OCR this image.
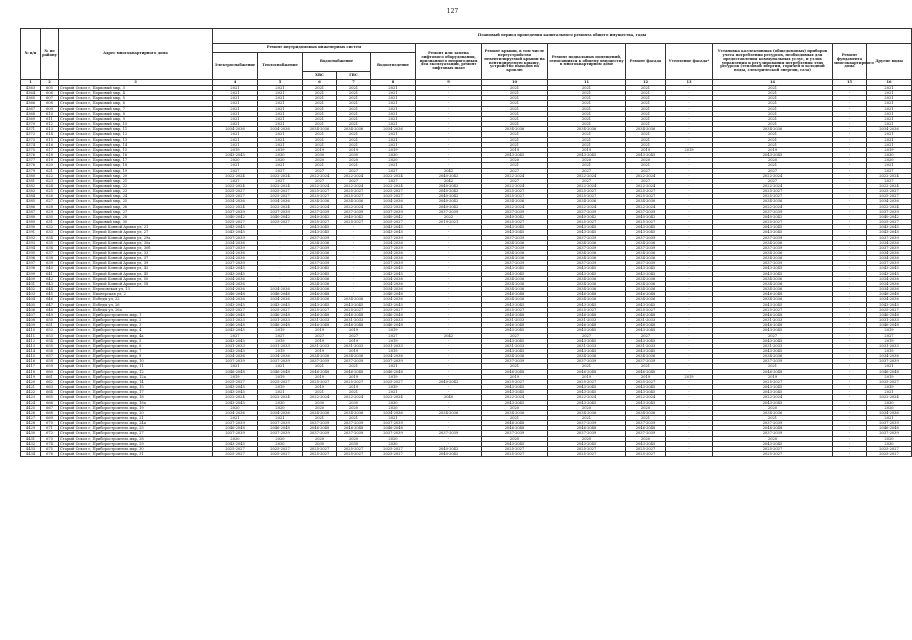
127
№ п/п	№ по району	Адрес многоквартирного дома	Плановый период проведения капитального ремонта общего имущества, годы												
			Ремонт внутридомовых инженерных систем					Ремонт или замена лифтового оборудования, признанного непригодным для эксплуатации, ремонт лифтовых шахт	Ремонт крыши, в том числе переустройство невентилируемой крыши на вентилируемую крышу, устройство выходов на кровлю	Ремонт подвальных помещений, относящихся к общему имуществу в многоквартирном доме	Ремонт фасада	Утепление фасада*	Установка коллективных (общедомовых) приборов учета потребления ресурсов, необходимых для предоставления коммунальных услуг, и узлов управления и регулирования потребления этих ресурсов (тепловой энергии, горячей и холодной воды, электрической энергии, газа)	Ремонт фундамента многоквартирного дома	Другие виды
			Электроснабжение	Теплоснабжение	Водоснабжение		Водоотведение								
					ХВС	ГВС									
1	2	3	4	5	6	7	8	9	10	11	12	13	14	15	16
4363	605	Старый Оскол г, Парковый мкр, 3	2021	2021	2021	2021	2021	-	2021	2021	2021	-	2021	-	2021
4364	606	Старый Оскол г, Парковый мкр, 4	2021	2021	2021	2021	2021	-	2021	2021	2021	-	2021	-	2021
4365	607	Старый Оскол г, Парковый мкр, 5	2021	2021	2021	2021	2021	-	2021	2021	2021	-	2021	-	2021
4366	608	Старый Оскол г, Парковый мкр, 6	2021	2021	2021	2021	2021	-	2021	2021	2021	-	2021	-	2021
4367	609	Старый Оскол г, Парковый мкр, 7	2021	2021	2021	2021	2021	-	2021	2021	2021	-	2021	-	2021
4368	610	Старый Оскол г, Парковый мкр, 8	2021	2021	2021	2021	2021	-	2021	2021	2021	-	2021	-	2021
4369	611	Старый Оскол г, Парковый мкр, 9	2021	2021	2021	2021	2021	-	2021	2021	2021	-	2021	-	2021
4370	612	Старый Оскол г, Парковый мкр, 10	2021	2021	2021	2021	2021	-	2021	2021	2021	-	2021	-	2021
4371	613	Старый Оскол г, Парковый мкр, 11	2034-2036	2034-2036	2034-2036	2034-2036	2034-2036	-	2034-2036	2034-2036	2034-2036	-	2034-2036	-	2034-2036
4372	614	Старый Оскол г, Парковый мкр, 12	2021	2021	2021	2021	2021	-	2021	2021	2021	-	2021	-	2021
4373	615	Старый Оскол г, Парковый мкр, 13	2021	2021	2021	2021	2021	-	2021	2021	2021	-	2021	-	2021
4374	616	Старый Оскол г, Парковый мкр, 14	2021	2021	2021	2021	2021	-	2021	2021	2021	-	2021	-	2021
4375	617	Старый Оскол г, Парковый мкр, 15	2019	2019	2019	2019	2019	-	2019	2019	2019	2019	2019	-	2019
4376	618	Старый Оскол г, Парковый мкр, 16	2043-2045	2030	2030	2030	2030	-	2043-2045	2043-2045	2043-2045	-	2043-2045	-	2030
4377	619	Старый Оскол г, Парковый мкр, 17	2020	2020	2020	2020	2020	-	2020	2020	2020	-	2020	-	2020
4378	620	Старый Оскол г, Парковый мкр, 18	2021	2021	2021	2021	2021	-	2021	2021	2021	-	2021	-	2021
4379	621	Старый Оскол г, Парковый мкр, 19	2027	2027	2027	2027	2027	2042	2027	2027	2027	-	2027	-	2027
4380	622	Старый Оскол г, Парковый мкр, 20	2022-2024	2022-2024	2022-2024	2022-2024	2022-2024	2040-2042	2022-2024	2022-2024	2022-2024	-	2022-2024	-	2022-2024
4381	623	Старый Оскол г, Парковый мкр, 21	2027	2027	2027	2027	2027	2042	2027	2027	2027	-	2027	-	2027
4382	624	Старый Оскол г, Парковый мкр, 22	2022-2024	2022-2024	2022-2024	2022-2024	2022-2024	2040-2042	2022-2024	2022-2024	2022-2024	-	2022-2024	-	2022-2024
4383	625	Старый Оскол г, Парковый мкр, 23	2025-2027	2025-2027	2025-2027	2025-2027	2025-2027	2040-2042	2025-2027	2025-2027	2025-2027	-	2025-2027	-	2025-2027
4384	626	Старый Оскол г, Парковый мкр, 24	2025-2027	2025-2027	2025-2027	2025-2027	2025-2027	2040-2042	2025-2027	2025-2027	2025-2027	-	2025-2027	-	2025-2027
4385	627	Старый Оскол г, Парковый мкр, 25	2034-2036	2034-2036	2034-2036	2034-2036	2034-2036	2040-2042	2034-2036	2034-2036	2034-2036	-	2034-2036	-	2034-2036
4386	628	Старый Оскол г, Парковый мкр, 26	2022-2024	2022-2024	2022-2024	2022-2024	2022-2024	2040-2042	2022-2024	2022-2024	2022-2024	-	2022-2024	-	2022-2024
4387	629	Старый Оскол г, Парковый мкр, 27	2037-2039	2037-2039	2037-2039	2037-2039	2037-2039	2037-2039	2037-2039	2037-2039	2037-2039	-	2037-2039	-	2037-2039
4388	630	Старый Оскол г, Парковый мкр, 28	2040-2042	2040-2042	2040-2042	2040-2042	2040-2042	2022	2040-2042	2040-2042	2040-2042	-	2040-2042	-	2040-2042
4389	631	Старый Оскол г, Парковый мкр, 30	2025-2027	2025-2027	2025-2027	2025-2027	2025-2027	2019-2021	2025-2027	2025-2027	2025-2027	-	2025-2027	-	2025-2027
4390	632	Старый Оскол г, Первой Конной Армии ул, 21	2043-2045	-	2043-2045	-	2043-2045	-	2043-2045	2043-2045	2043-2045	-	2043-2045	-	2043-2045
4391	633	Старый Оскол г, Первой Конной Армии ул, 27	2043-2045	-	2043-2045	-	2043-2045	-	2043-2045	2043-2045	2043-2045	-	2043-2045	-	2043-2045
4392	634	Старый Оскол г, Первой Конной Армии ул, 29а	2037-2039	-	2037-2039	-	2037-2039	-	2037-2039	2037-2039	2037-2039	-	2037-2039	-	2037-2039
4393	635	Старый Оскол г, Первой Конной Армии ул, 30а	2034-2036	-	2034-2036	-	2034-2036	-	2034-2036	2034-2036	2034-2036	-	2034-2036	-	2034-2036
4394	636	Старый Оскол г, Первой Конной Армии ул, 30б	2037-2039	-	2037-2039	-	2037-2039	-	2037-2039	2037-2039	2037-2039	-	2037-2039	-	2037-2039
4395	637	Старый Оскол г, Первой Конной Армии ул, 33	2034-2036	-	2034-2036	-	2034-2036	-	2034-2036	2034-2036	2034-2036	-	2034-2036	-	2034-2036
4396	638	Старый Оскол г, Первой Конной Армии ул, 37	2034-2036	-	2034-2036	-	2034-2036	-	2034-2036	2034-2036	2034-2036	-	2034-2036	-	2034-2036
4397	639	Старый Оскол г, Первой Конной Армии ул, 39	2037-2039	-	2037-2039	-	2037-2039	-	2037-2039	2037-2039	2037-2039	-	2037-2039	-	2037-2039
4398	640	Старый Оскол г, Первой Конной Армии ул, 43	2043-2045	-	2043-2045	-	2043-2045	-	2043-2045	2043-2045	2043-2045	-	2043-2045	-	2043-2045
4399	641	Старый Оскол г, Первой Конной Армии ул, 45	2043-2045	-	2043-2045	-	2043-2045	-	2043-2045	2043-2045	2043-2045	-	2043-2045	-	2043-2045
4400	642	Старый Оскол г, Первой Конной Армии ул, 50	2034-2036	-	2034-2036	-	2034-2036	-	2034-2036	2034-2036	2034-2036	-	2034-2036	-	2034-2036
4401	643	Старый Оскол г, Первой Конной Армии ул, 58	2034-2036	-	2034-2036	-	2034-2036	-	2034-2036	2034-2036	2034-2036	-	2034-2036	-	2034-2036
4402	644	Старый Оскол г, Перековская ул, 13	2034-2036	2034-2036	2034-2036	-	2034-2036	-	2034-2036	2034-2036	2034-2036	-	2034-2036	-	2034-2036
4403	645	Старый Оскол г, Пионерская ул, 2	2046-2048	2046-2048	2046-2048	-	2046-2048	-	2046-2048	2046-2048	2046-2048	-	2046-2048	-	2046-2048
4404	646	Старый Оскол г, Победы ул, 22	2034-2036	2034-2036	2034-2036	2034-2036	2034-2036	-	2034-2036	2034-2036	2034-2036	-	2034-2036	-	2034-2036
4405	647	Старый Оскол г, Победы ул, 26	2043-2045	2043-2045	2043-2045	2043-2045	2043-2045	-	2043-2045	2043-2045	2043-2045	-	2043-2045	-	2043-2045
4406	648	Старый Оскол г, Победы ул, 26а	2025-2027	2025-2027	2025-2027	2025-2027	2025-2027	-	2025-2027	2025-2027	2025-2027	-	2025-2027	-	2025-2027
4407	649	Старый Оскол г, Приборостроитель мкр, 1	2046-2048	2046-2048	2046-2048	2046-2048	2046-2048	-	2046-2048	2046-2048	2046-2048	-	2046-2048	-	2046-2048
4408	650	Старый Оскол г, Приборостроитель мкр, 2	2031-2033	2031-2033	2031-2033	2031-2033	2031-2033	-	2031-2033	2031-2033	2031-2033	-	2031-2033	-	2031-2033
4409	651	Старый Оскол г, Приборостроитель мкр, 3	2046-2048	2046-2048	2046-2048	2046-2048	2046-2048	-	2046-2048	2046-2048	2046-2048	-	2046-2048	-	2046-2048
4410	652	Старый Оскол г, Приборостроитель мкр, 4	2043-2045	2019	2019	2019	2019	-	2043-2045	2043-2045	2043-2045	-	2043-2045	-	2019
4411	653	Старый Оскол г, Приборостроитель мкр, 4а	2027	2027	2027	2027	2027	2042	2027	2027	2027	-	2027	-	2027
4412	654	Старый Оскол г, Приборостроитель мкр, 5	2043-2045	2019	2019	2019	2019	-	2043-2045	2043-2045	2043-2045	-	2043-2045	-	2019
4413	655	Старый Оскол г, Приборостроитель мкр, 6	2031-2033	2031-2033	2031-2033	2031-2033	2031-2033	-	2031-2033	2031-2033	2031-2033	-	2031-2033	-	2031-2033
4414	656	Старый Оскол г, Приборостроитель мкр, 7	2043-2045	2019	2019	2019	2019	-	2043-2045	2043-2045	2043-2045	-	2043-2045	-	2019
4415	657	Старый Оскол г, Приборостроитель мкр, 8	2034-2036	2034-2036	2034-2036	2034-2036	2034-2036	-	2034-2036	2034-2036	2034-2036	-	2034-2036	-	2034-2036
4416	658	Старый Оскол г, Приборостроитель мкр, 10	2037-2039	2037-2039	2037-2039	2037-2039	2037-2039	-	2037-2039	2037-2039	2037-2039	-	2037-2039	-	2037-2039
4417	659	Старый Оскол г, Приборостроитель мкр, 11	2021	2021	2021	2021	2021	-	2021	2021	2021	-	2021	-	2021
4418	660	Старый Оскол г, Приборостроитель мкр, 12	2046-2048	2046-2048	2046-2048	2046-2048	2046-2048	-	2046-2048	2046-2048	2046-2048	-	2046-2048	-	2046-2048
4419	661	Старый Оскол г, Приборостроитель мкр, 12а	2019	2019	2019	2019	2019	-	2019	2019	2019	2019	2019	-	2019
4420	662	Старый Оскол г, Приборостроитель мкр, 14	2025-2027	2025-2027	2025-2027	2025-2027	2025-2027	2040-2042	2025-2027	2025-2027	2025-2027	-	2025-2027	-	2025-2027
4421	663	Старый Оскол г, Приборостроитель мкр, 15	2043-2045	2019	2019	2019	2019	-	2043-2045	2043-2045	2043-2045	-	2043-2045	-	2019
4422	664	Старый Оскол г, Приборостроитель мкр, 17	2043-2045	2021	2021	2021	2021	-	2043-2045	2043-2045	2043-2045	-	2043-2045	-	2021
4423	665	Старый Оскол г, Приборостроитель мкр, 18	2022-2024	2022-2024	2022-2024	2022-2024	2022-2024	2040	2022-2024	2022-2024	2022-2024	-	2022-2024	-	2022-2024
4424	666	Старый Оскол г, Приборостроитель мкр, 18а	2043-2045	2030	2030	2030	2030	-	2043-2045	2043-2045	2043-2045	-	2043-2045	-	2030
4425	667	Старый Оскол г, Приборостроитель мкр, 19	2020	2020	2020	2020	2020	-	2020	2020	2020	-	2020	-	2020
4426	668	Старый Оскол г, Приборостроитель мкр, 20	2034-2036	2034-2036	2034-2036	2034-2036	2034-2036	2034-2036	2034-2036	2034-2036	2034-2036	-	2034-2036	-	2034-2036
4427	669	Старый Оскол г, Приборостроитель мкр, 21	2021	2021	2021	2021	2021	-	2021	2021	2021	-	2021	-	2021
4428	670	Старый Оскол г, Приборостроитель мкр, 24а	2037-2039	2037-2039	2037-2039	2037-2039	2037-2039	-	2046-2048	2037-2039	2037-2039	-	2037-2039	-	2037-2039
4429	671	Старый Оскол г, Приборостроитель мкр, 25	2046-2048	2046-2048	2046-2048	2046-2048	2046-2048	-	2046-2048	2046-2048	2046-2048	-	2046-2048	-	2046-2048
4430	672	Старый Оскол г, Приборостроитель мкр, 27	2037-2039	2037-2039	2037-2039	2037-2039	2037-2039	2037-2039	2037-2039	2037-2039	2037-2039	-	2037-2039	-	2037-2039
4431	673	Старый Оскол г, Приборостроитель мкр, 28	2020	2020	2020	2020	2020	-	2020	2020	2020	-	2020	-	2020
4432	674	Старый Оскол г, Приборостроитель мкр, 29	2043-2045	2030	2030	2030	2030	-	2043-2045	2043-2045	2043-2045	-	2043-2045	-	2030
4433	675	Старый Оскол г, Приборостроитель мкр, 30	2025-2027	2025-2027	2025-2027	2025-2027	2025-2027	2040-2042	2025-2027	2025-2027	2025-2027	-	2025-2027	-	2025-2027
4434	676	Старый Оскол г, Приборостроитель мкр, 31	2025-2027	2025-2027	2025-2027	2025-2027	2025-2027	2040-2042	2025-2027	2025-2027	2025-2027	-	2025-2027	-	2025-2027
